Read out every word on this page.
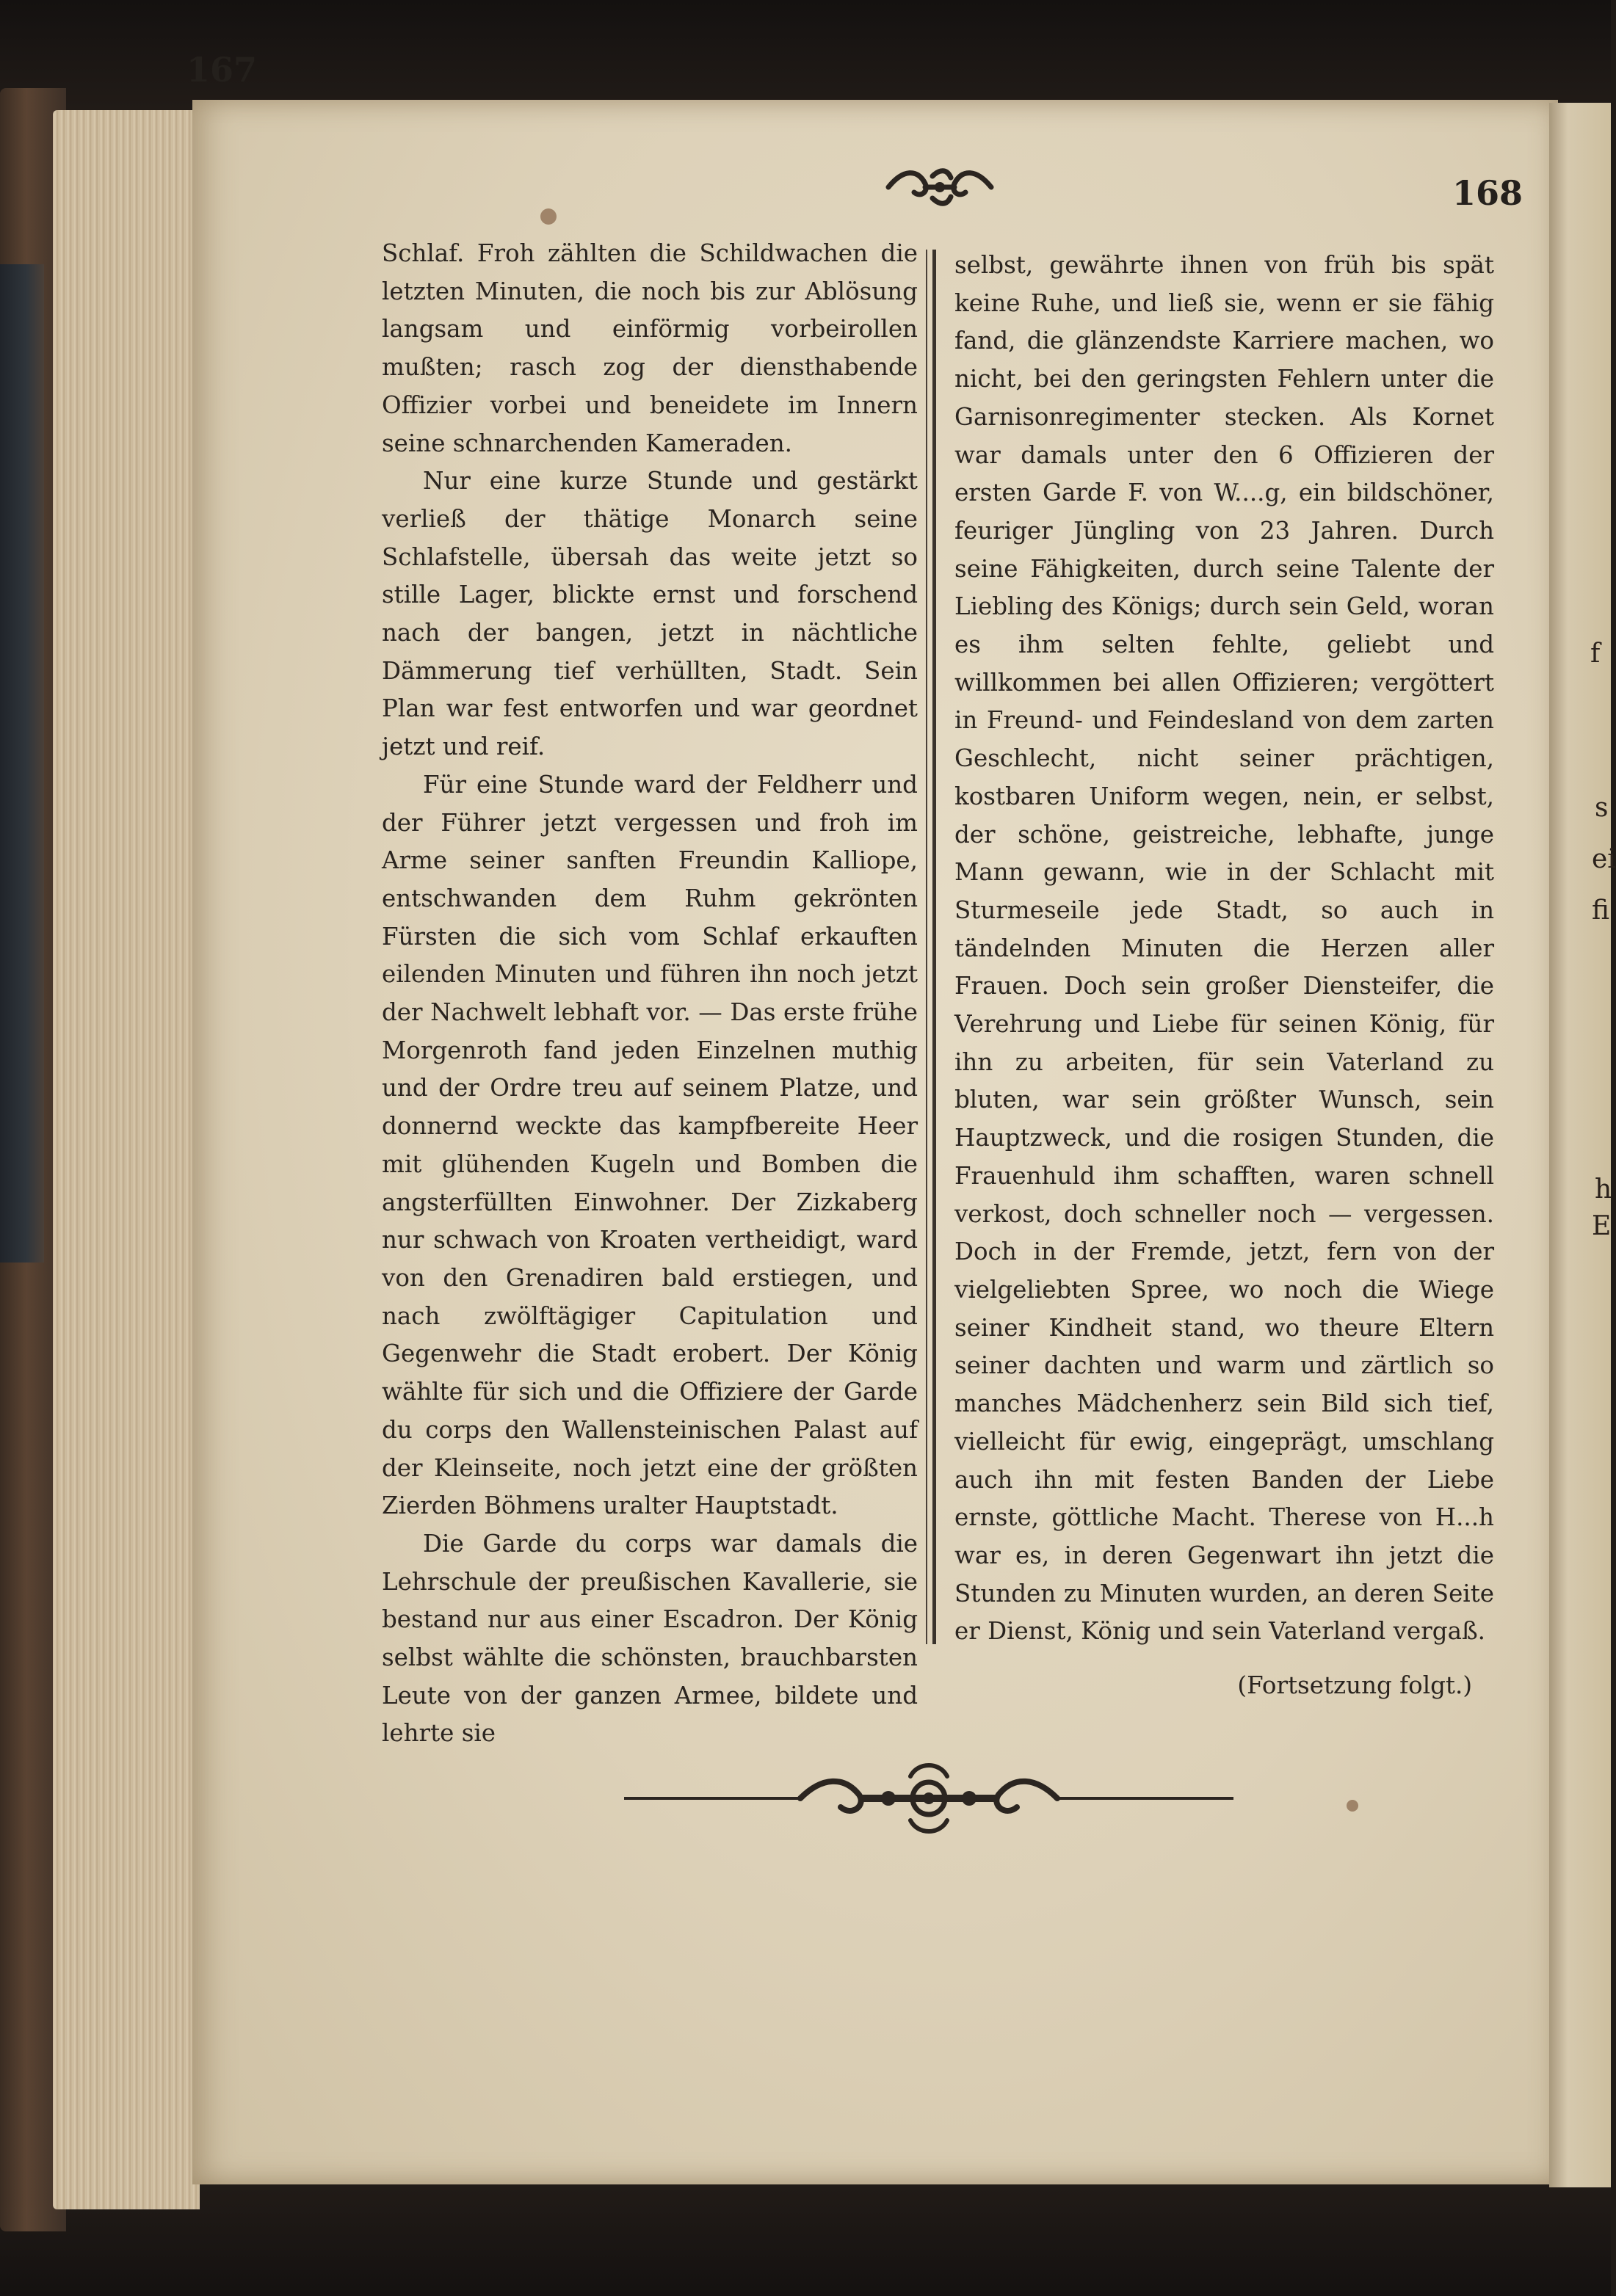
f
s
ei
fi
h
E
167
168

Schlaf. Froh zählten die Schildwachen die letzten Minuten, die noch bis zur Ablösung langsam und einförmig vorbeirollen mußten; rasch zog der diensthabende Offizier vorbei und beneidete im Innern seine schnarchenden Kameraden.

Nur eine kurze Stunde und gestärkt verließ der thätige Monarch seine Schlafstelle, übersah das weite jetzt so stille Lager, blickte ernst und forschend nach der bangen, jetzt in nächtliche Dämmerung tief verhüllten, Stadt. Sein Plan war fest entworfen und war geordnet jetzt und reif.

Für eine Stunde ward der Feldherr und der Führer jetzt vergessen und froh im Arme seiner sanften Freundin Kalliope, entschwanden dem Ruhm gekrönten Fürsten die sich vom Schlaf erkauften eilenden Minuten und führen ihn noch jetzt der Nachwelt lebhaft vor. — Das erste frühe Morgenroth fand jeden Einzelnen muthig und der Ordre treu auf seinem Platze, und donnernd weckte das kampfbereite Heer mit glühenden Kugeln und Bomben die angsterfüllten Einwohner. Der Zizkaberg nur schwach von Kroaten vertheidigt, ward von den Grenadiren bald erstiegen, und nach zwölftägiger Capitulation und Gegenwehr die Stadt erobert. Der König wählte für sich und die Offiziere der Garde du corps den Wallensteinischen Palast auf der Kleinseite, noch jetzt eine der größten Zierden Böhmens uralter Hauptstadt.

Die Garde du corps war damals die Lehrschule der preußischen Kavallerie, sie bestand nur aus einer Escadron. Der König selbst wählte die schönsten, brauchbarsten Leute von der ganzen Armee, bildete und lehrte sie

selbst, gewährte ihnen von früh bis spät keine Ruhe, und ließ sie, wenn er sie fähig fand, die glänzendste Karriere machen, wo nicht, bei den geringsten Fehlern unter die Garnisonregimenter stecken. Als Kornet war damals unter den 6 Offizieren der ersten Garde F. von W....g, ein bildschöner, feuriger Jüngling von 23 Jahren. Durch seine Fähigkeiten, durch seine Talente der Liebling des Königs; durch sein Geld, woran es ihm selten fehlte, geliebt und willkommen bei allen Offizieren; vergöttert in Freund- und Feindesland von dem zarten Geschlecht, nicht seiner prächtigen, kostbaren Uniform wegen, nein, er selbst, der schöne, geistreiche, lebhafte, junge Mann gewann, wie in der Schlacht mit Sturmeseile jede Stadt, so auch in tändelnden Minuten die Herzen aller Frauen. Doch sein großer Diensteifer, die Verehrung und Liebe für seinen König, für ihn zu arbeiten, für sein Vaterland zu bluten, war sein größter Wunsch, sein Hauptzweck, und die rosigen Stunden, die Frauenhuld ihm schafften, waren schnell verkost, doch schneller noch — vergessen. Doch in der Fremde, jetzt, fern von der vielgeliebten Spree, wo noch die Wiege seiner Kindheit stand, wo theure Eltern seiner dachten und warm und zärtlich so manches Mädchenherz sein Bild sich tief, vielleicht für ewig, eingeprägt, umschlang auch ihn mit festen Banden der Liebe ernste, göttliche Macht. Therese von H...h war es, in deren Gegenwart ihn jetzt die Stunden zu Minuten wurden, an deren Seite er Dienst, König und sein Vaterland vergaß.

(Fortsetzung folgt.)
